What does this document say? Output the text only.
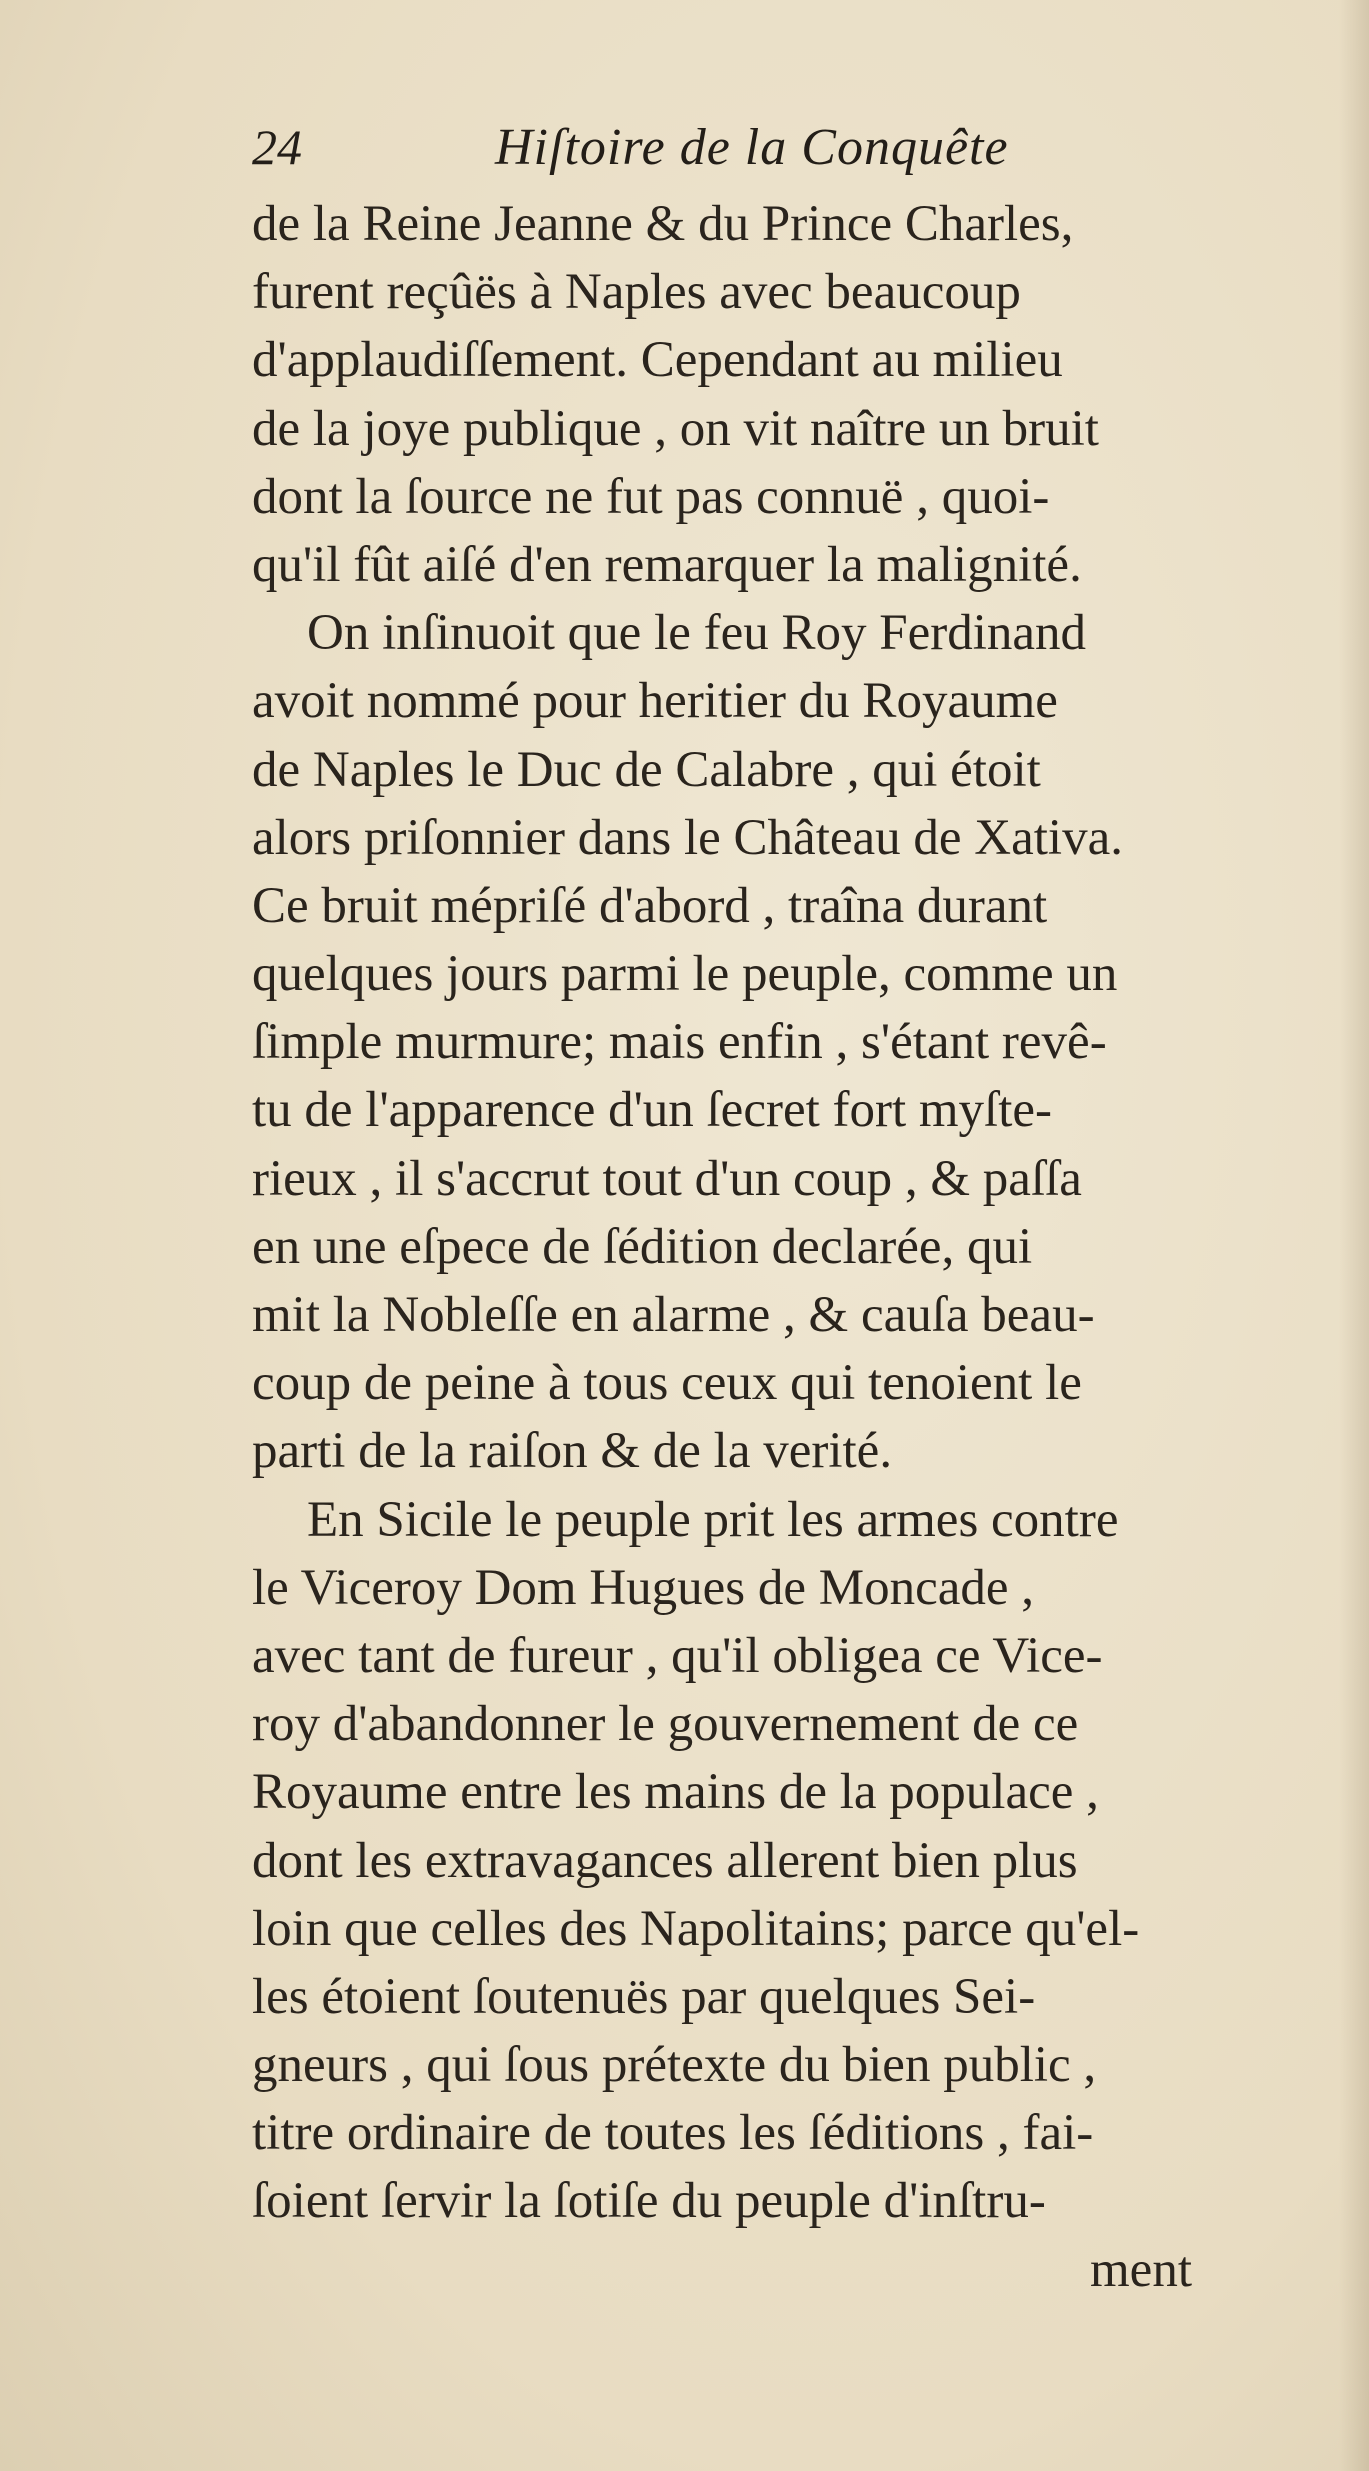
24	Hiſtoire de la Conquête
de la Reine Jeanne & du Prince Charles,
furent reçûës à Naples avec beaucoup
d'applaudiſſement. Cependant au milieu
de la joye publique , on vit naître un bruit
dont la ſource ne fut pas connuë , quoi-
qu'il fût aiſé d'en remarquer la malignité.
On inſinuoit que le feu Roy Ferdinand
avoit nommé pour heritier du Royaume
de Naples le Duc de Calabre , qui étoit
alors priſonnier dans le Château de Xativa.
Ce bruit mépriſé d'abord , traîna durant
quelques jours parmi le peuple, comme un
ſimple murmure; mais enfin , s'étant revê-
tu de l'apparence d'un ſecret fort myſte-
rieux , il s'accrut tout d'un coup , & paſſa
en une eſpece de ſédition declarée, qui
mit la Nobleſſe en alarme , & cauſa beau-
coup de peine à tous ceux qui tenoient le
parti de la raiſon & de la verité.
En Sicile le peuple prit les armes contre
le Viceroy Dom Hugues de Moncade ,
avec tant de fureur , qu'il obligea ce Vice-
roy d'abandonner le gouvernement de ce
Royaume entre les mains de la populace ,
dont les extravagances allerent bien plus
loin que celles des Napolitains; parce qu'el-
les étoient ſoutenuës par quelques Sei-
gneurs , qui ſous prétexte du bien public ,
titre ordinaire de toutes les ſéditions , fai-
ſoient ſervir la ſotiſe du peuple d'inſtru-
ment
